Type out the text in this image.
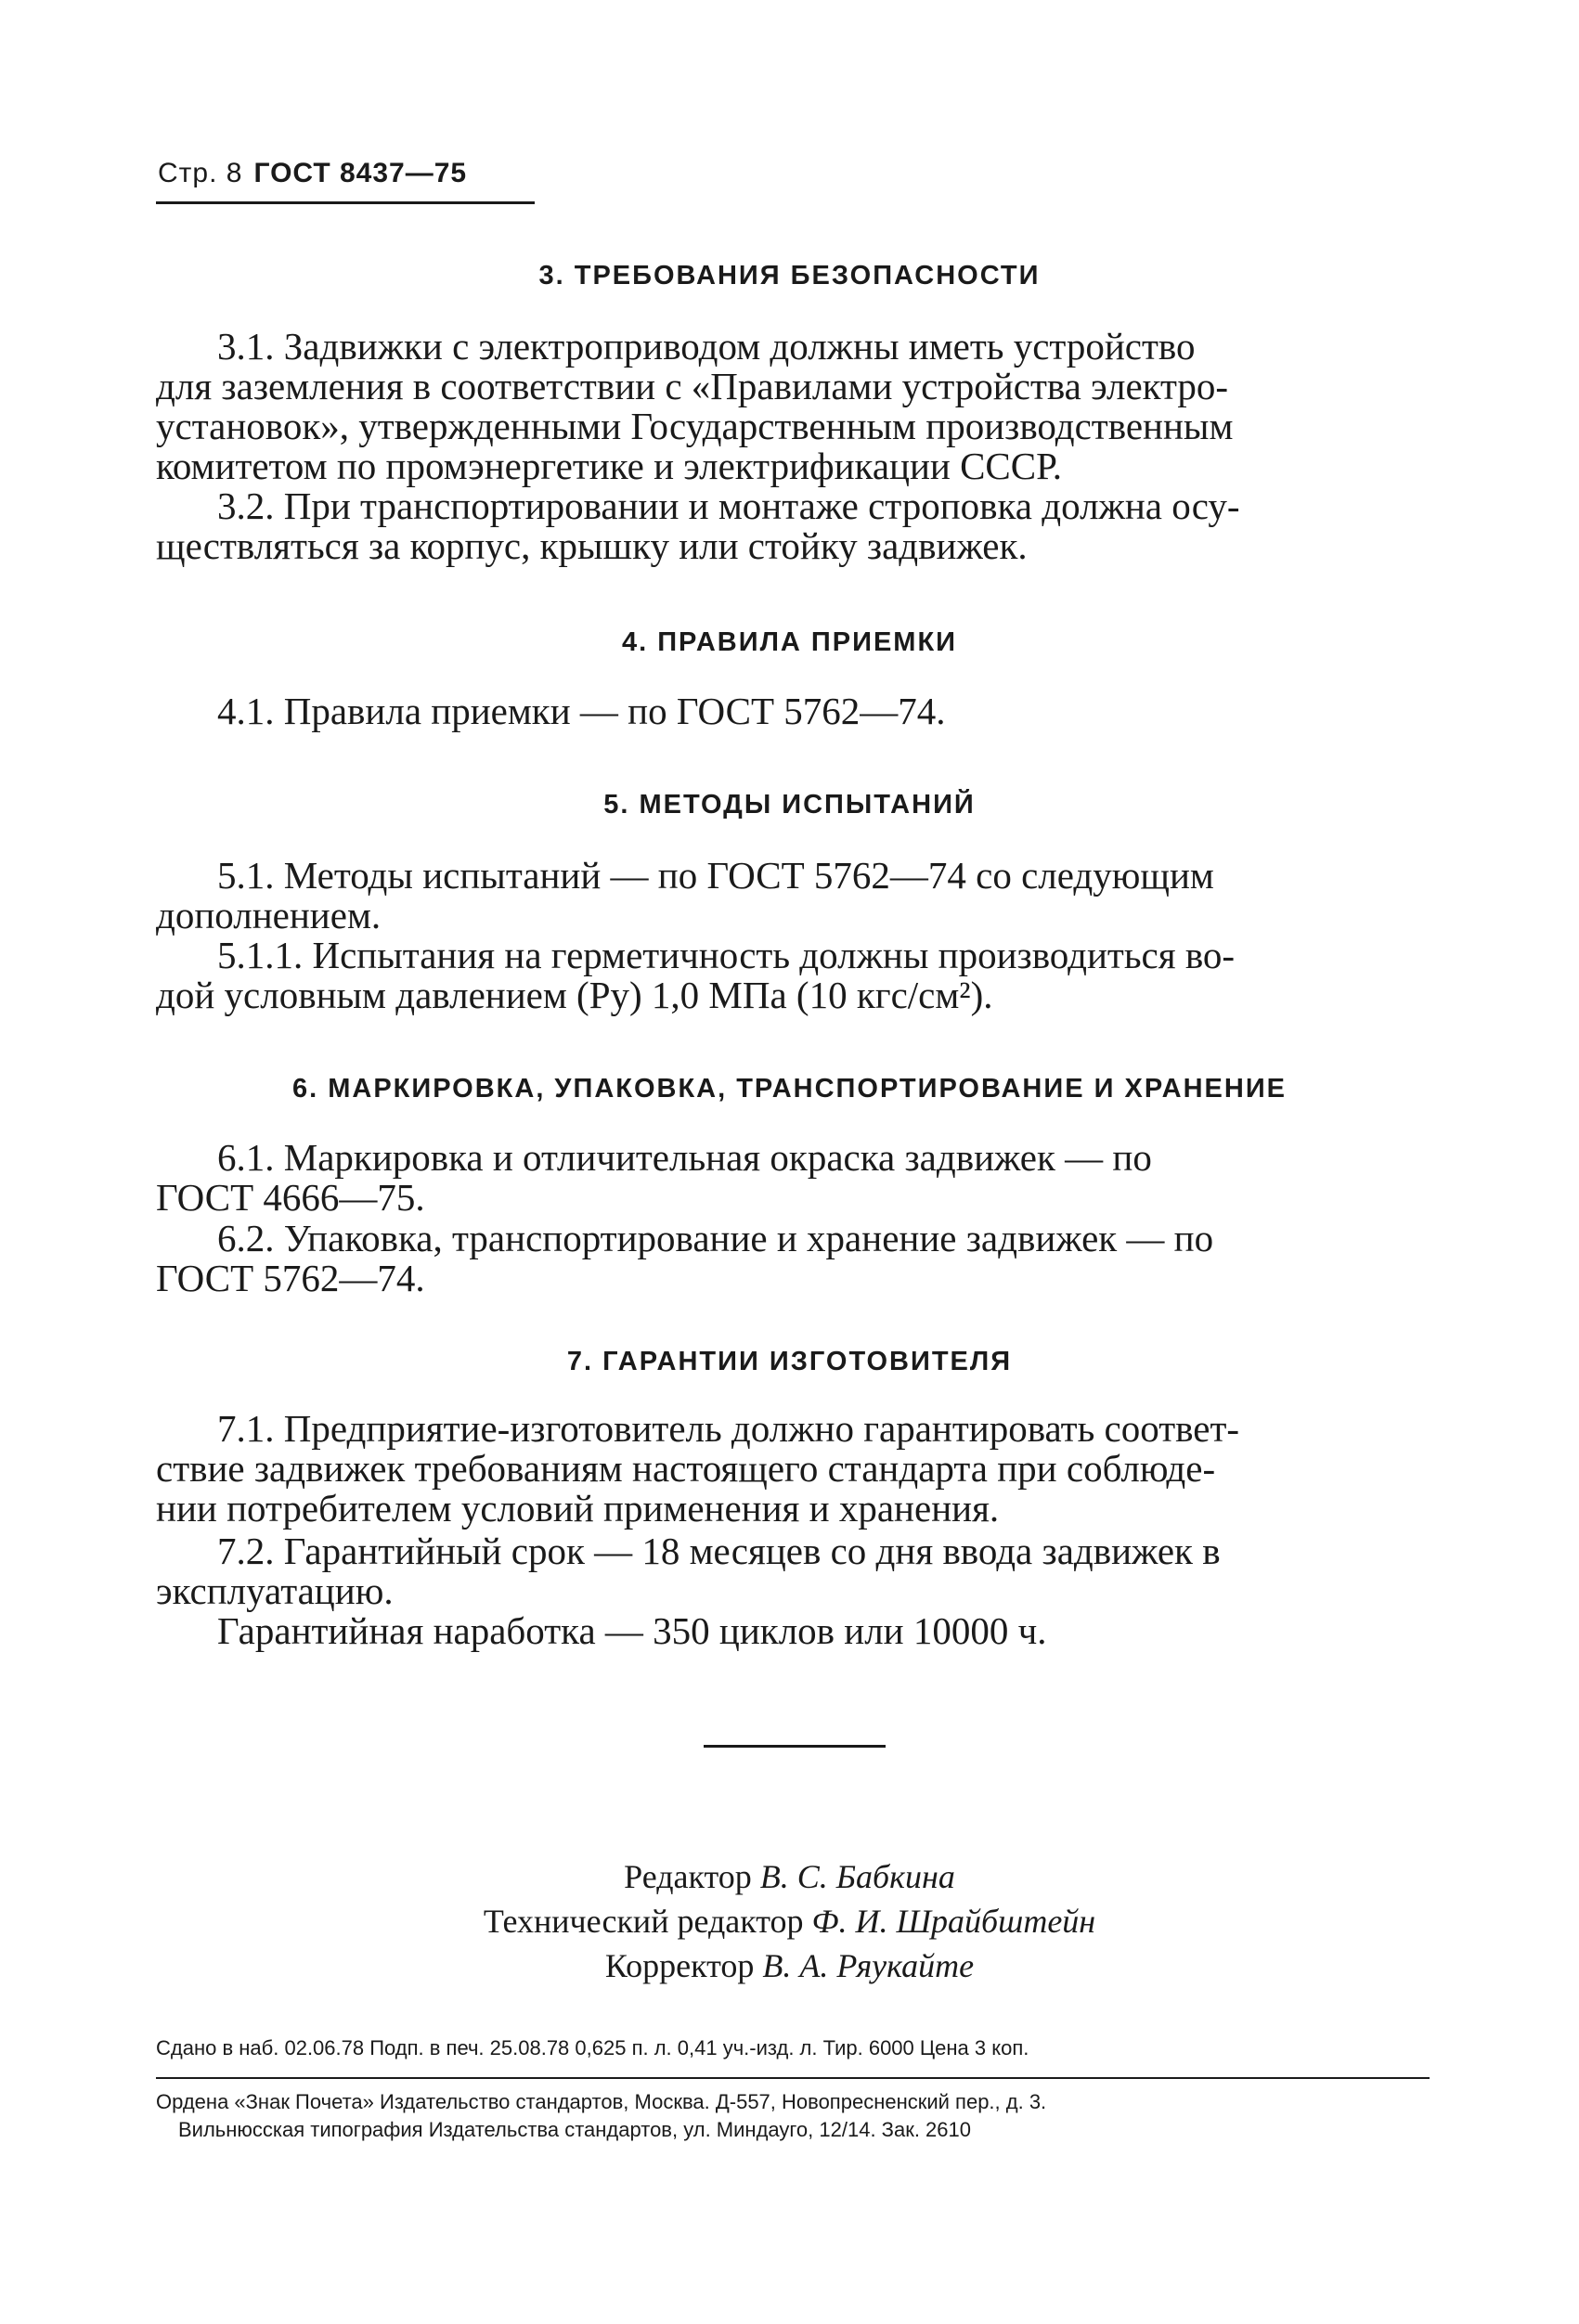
Стр. 8 ГОСТ 8437—75
3. ТРЕБОВАНИЯ БЕЗОПАСНОСТИ
3.1. Задвижки с электроприводом должны иметь устройство
для заземления в соответствии с «Правилами устройства электро-
установок», утвержденными Государственным производственным
комитетом по промэнергетике и электрификации СССР.
3.2. При транспортировании и монтаже строповка должна осу-
ществляться за корпус, крышку или стойку задвижек.
4. ПРАВИЛА ПРИЕМКИ
4.1. Правила приемки — по ГОСТ 5762—74.
5. МЕТОДЫ ИСПЫТАНИЙ
5.1. Методы испытаний — по ГОСТ 5762—74 со следующим
дополнением.
5.1.1. Испытания на герметичность должны производиться во-
дой условным давлением (Pу) 1,0 МПа (10 кгс/см²).
6. МАРКИРОВКА, УПАКОВКА, ТРАНСПОРТИРОВАНИЕ И ХРАНЕНИЕ
6.1. Маркировка и отличительная окраска задвижек — по
ГОСТ 4666—75.
6.2. Упаковка, транспортирование и хранение задвижек — по
ГОСТ 5762—74.
7. ГАРАНТИИ ИЗГОТОВИТЕЛЯ
7.1. Предприятие-изготовитель должно гарантировать соответ-
ствие задвижек требованиям настоящего стандарта при соблюде-
нии потребителем условий применения и хранения.
7.2. Гарантийный срок — 18 месяцев со дня ввода задвижек в
эксплуатацию.
Гарантийная наработка — 350 циклов или 10000 ч.
Редактор В. С. Бабкина
Технический редактор Ф. И. Шрайбштейн
Корректор В. А. Ряукайте
Сдано в наб. 02.06.78 Подп. в печ. 25.08.78 0,625 п. л. 0,41 уч.-изд. л. Тир. 6000 Цена 3 коп.
Ордена «Знак Почета» Издательство стандартов, Москва. Д-557, Новопресненский пер., д. 3.
Вильнюсская типография Издательства стандартов, ул. Миндауго, 12/14. Зак. 2610
